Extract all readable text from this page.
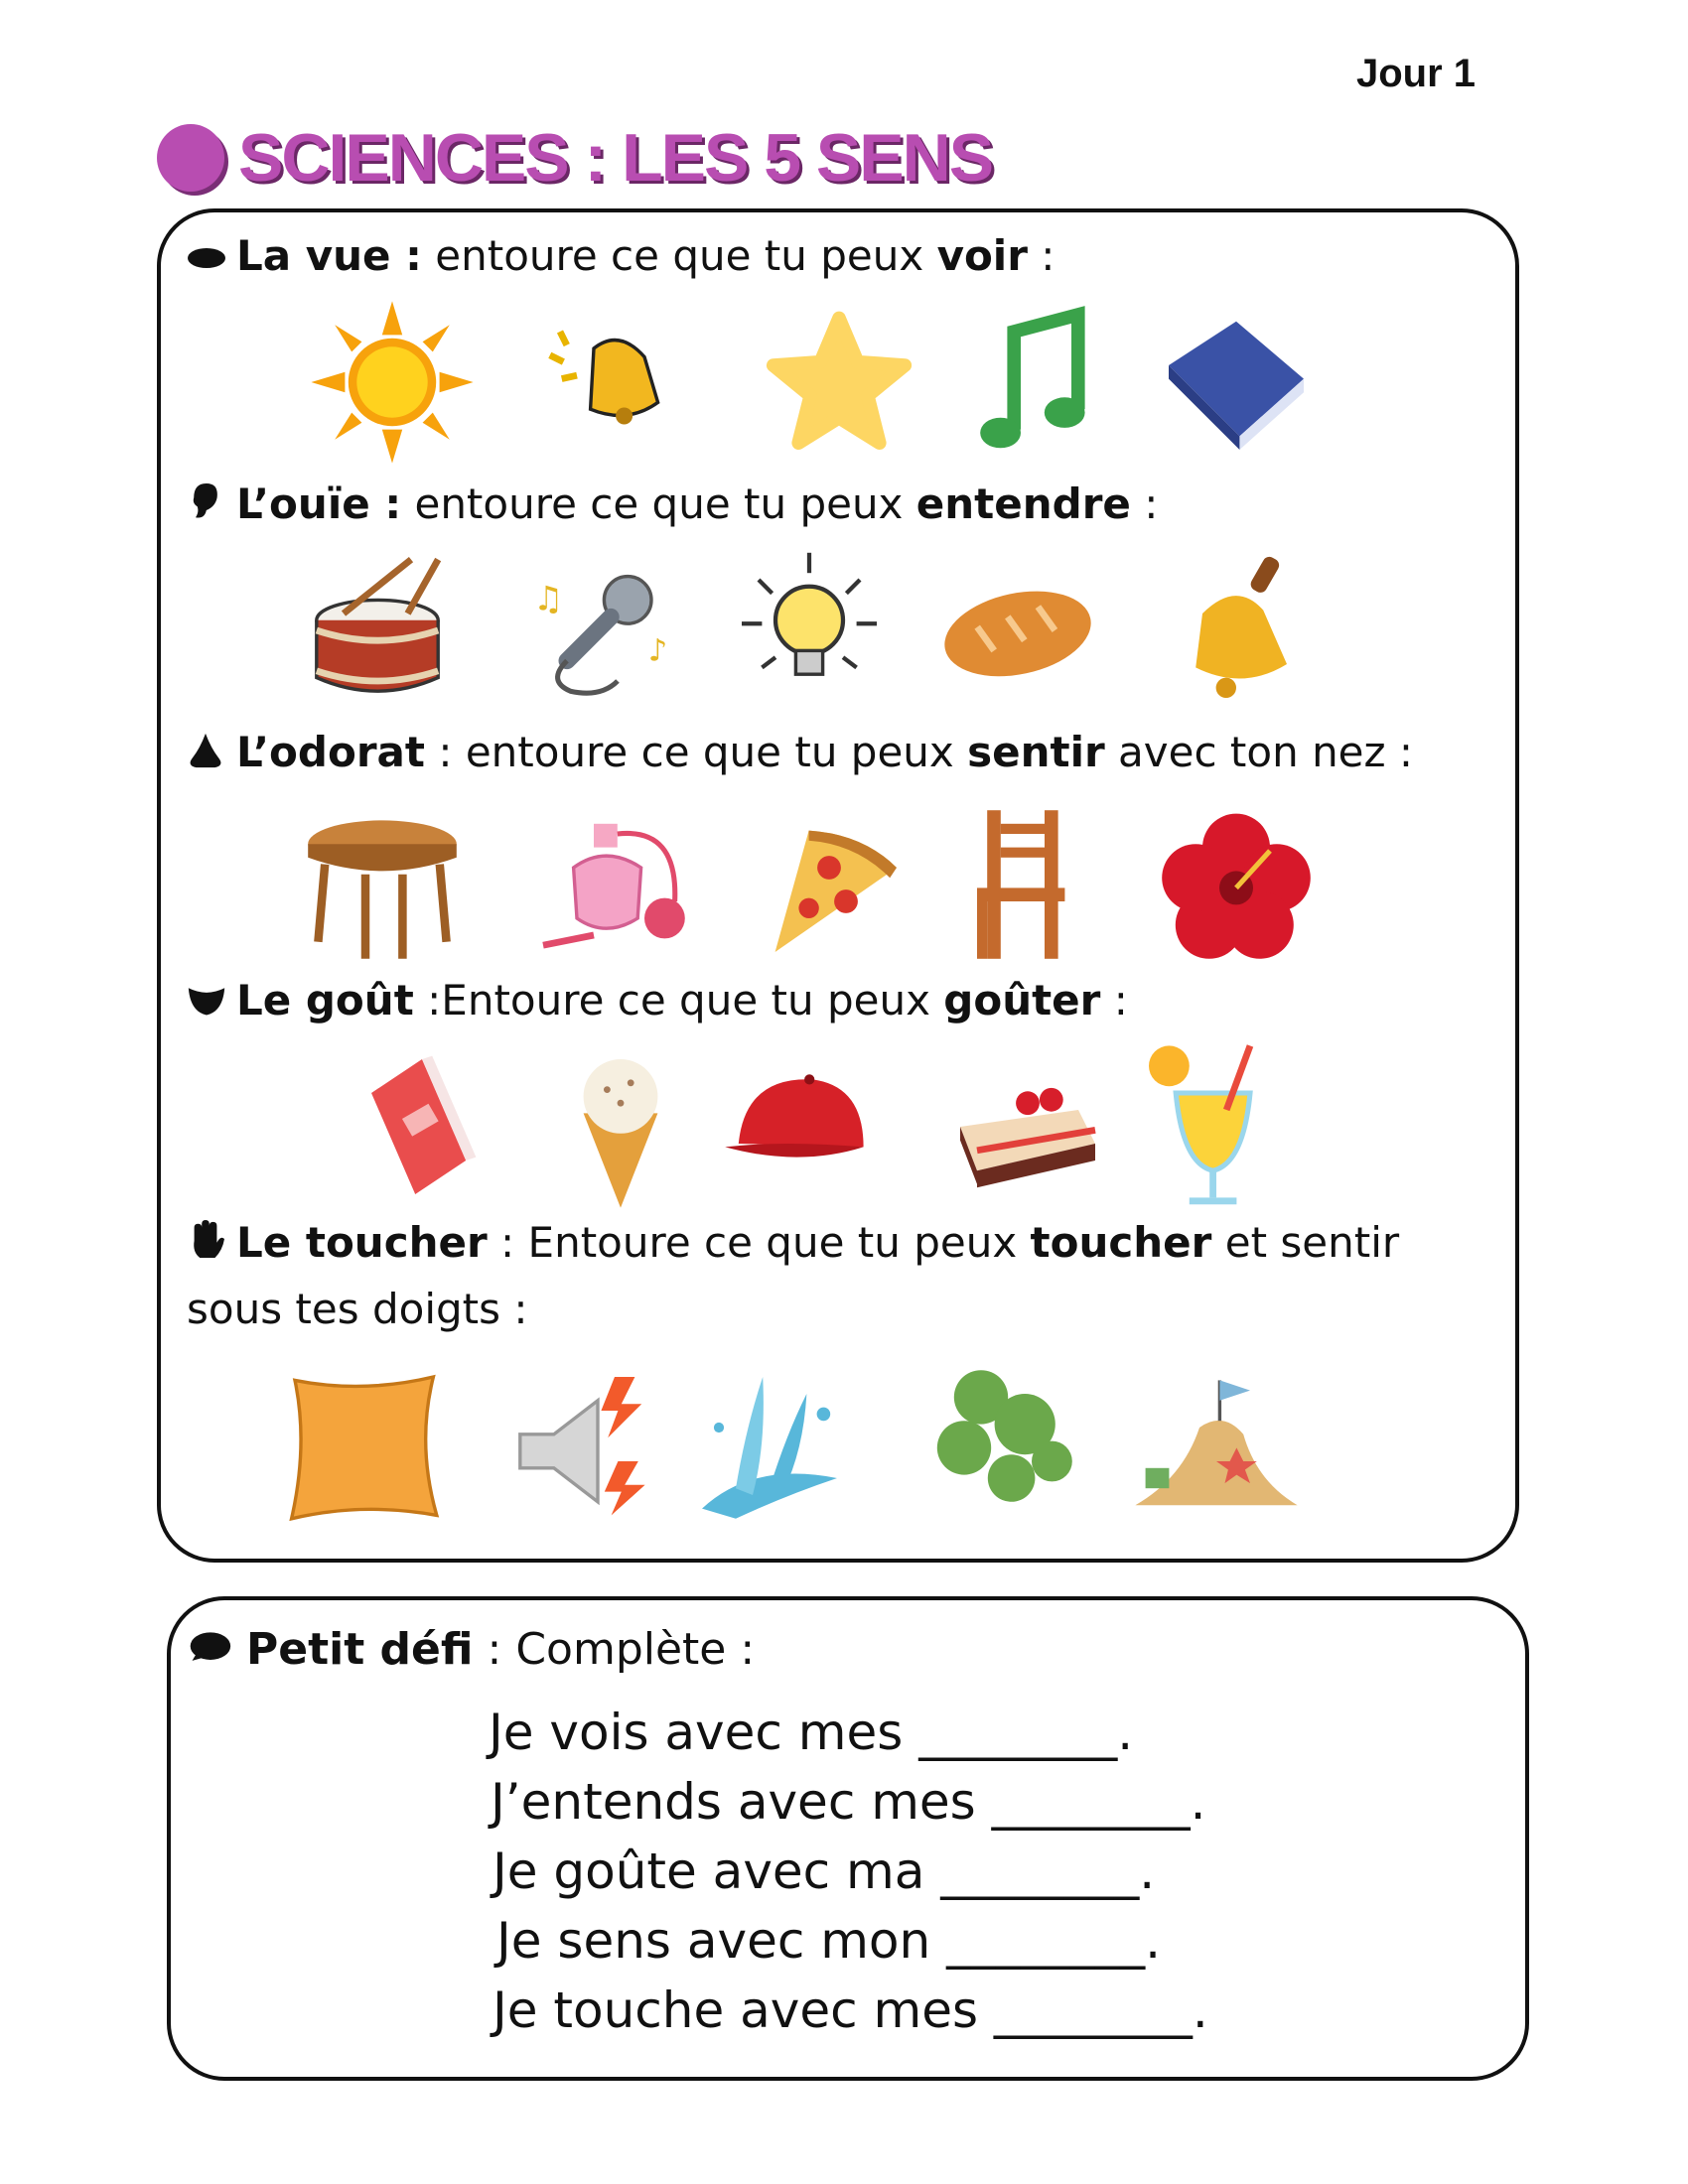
Jour 1
SCIENCES : LES 5 SENS
La vue : entoure ce que tu peux voir :
L’ouïe : entoure ce que tu peux entendre :
♫
♪
L’odorat : entoure ce que tu peux sentir avec ton nez :
Le goût :Entoure ce que tu peux goûter :
Le toucher : Entoure ce que tu peux toucher et sentir sous tes doigts :
Petit défi : Complète :
Je vois avec mes ________.
J’entends avec mes ________.
Je goûte avec ma ________.
Je sens avec mon ________.
Je touche avec mes ________.
